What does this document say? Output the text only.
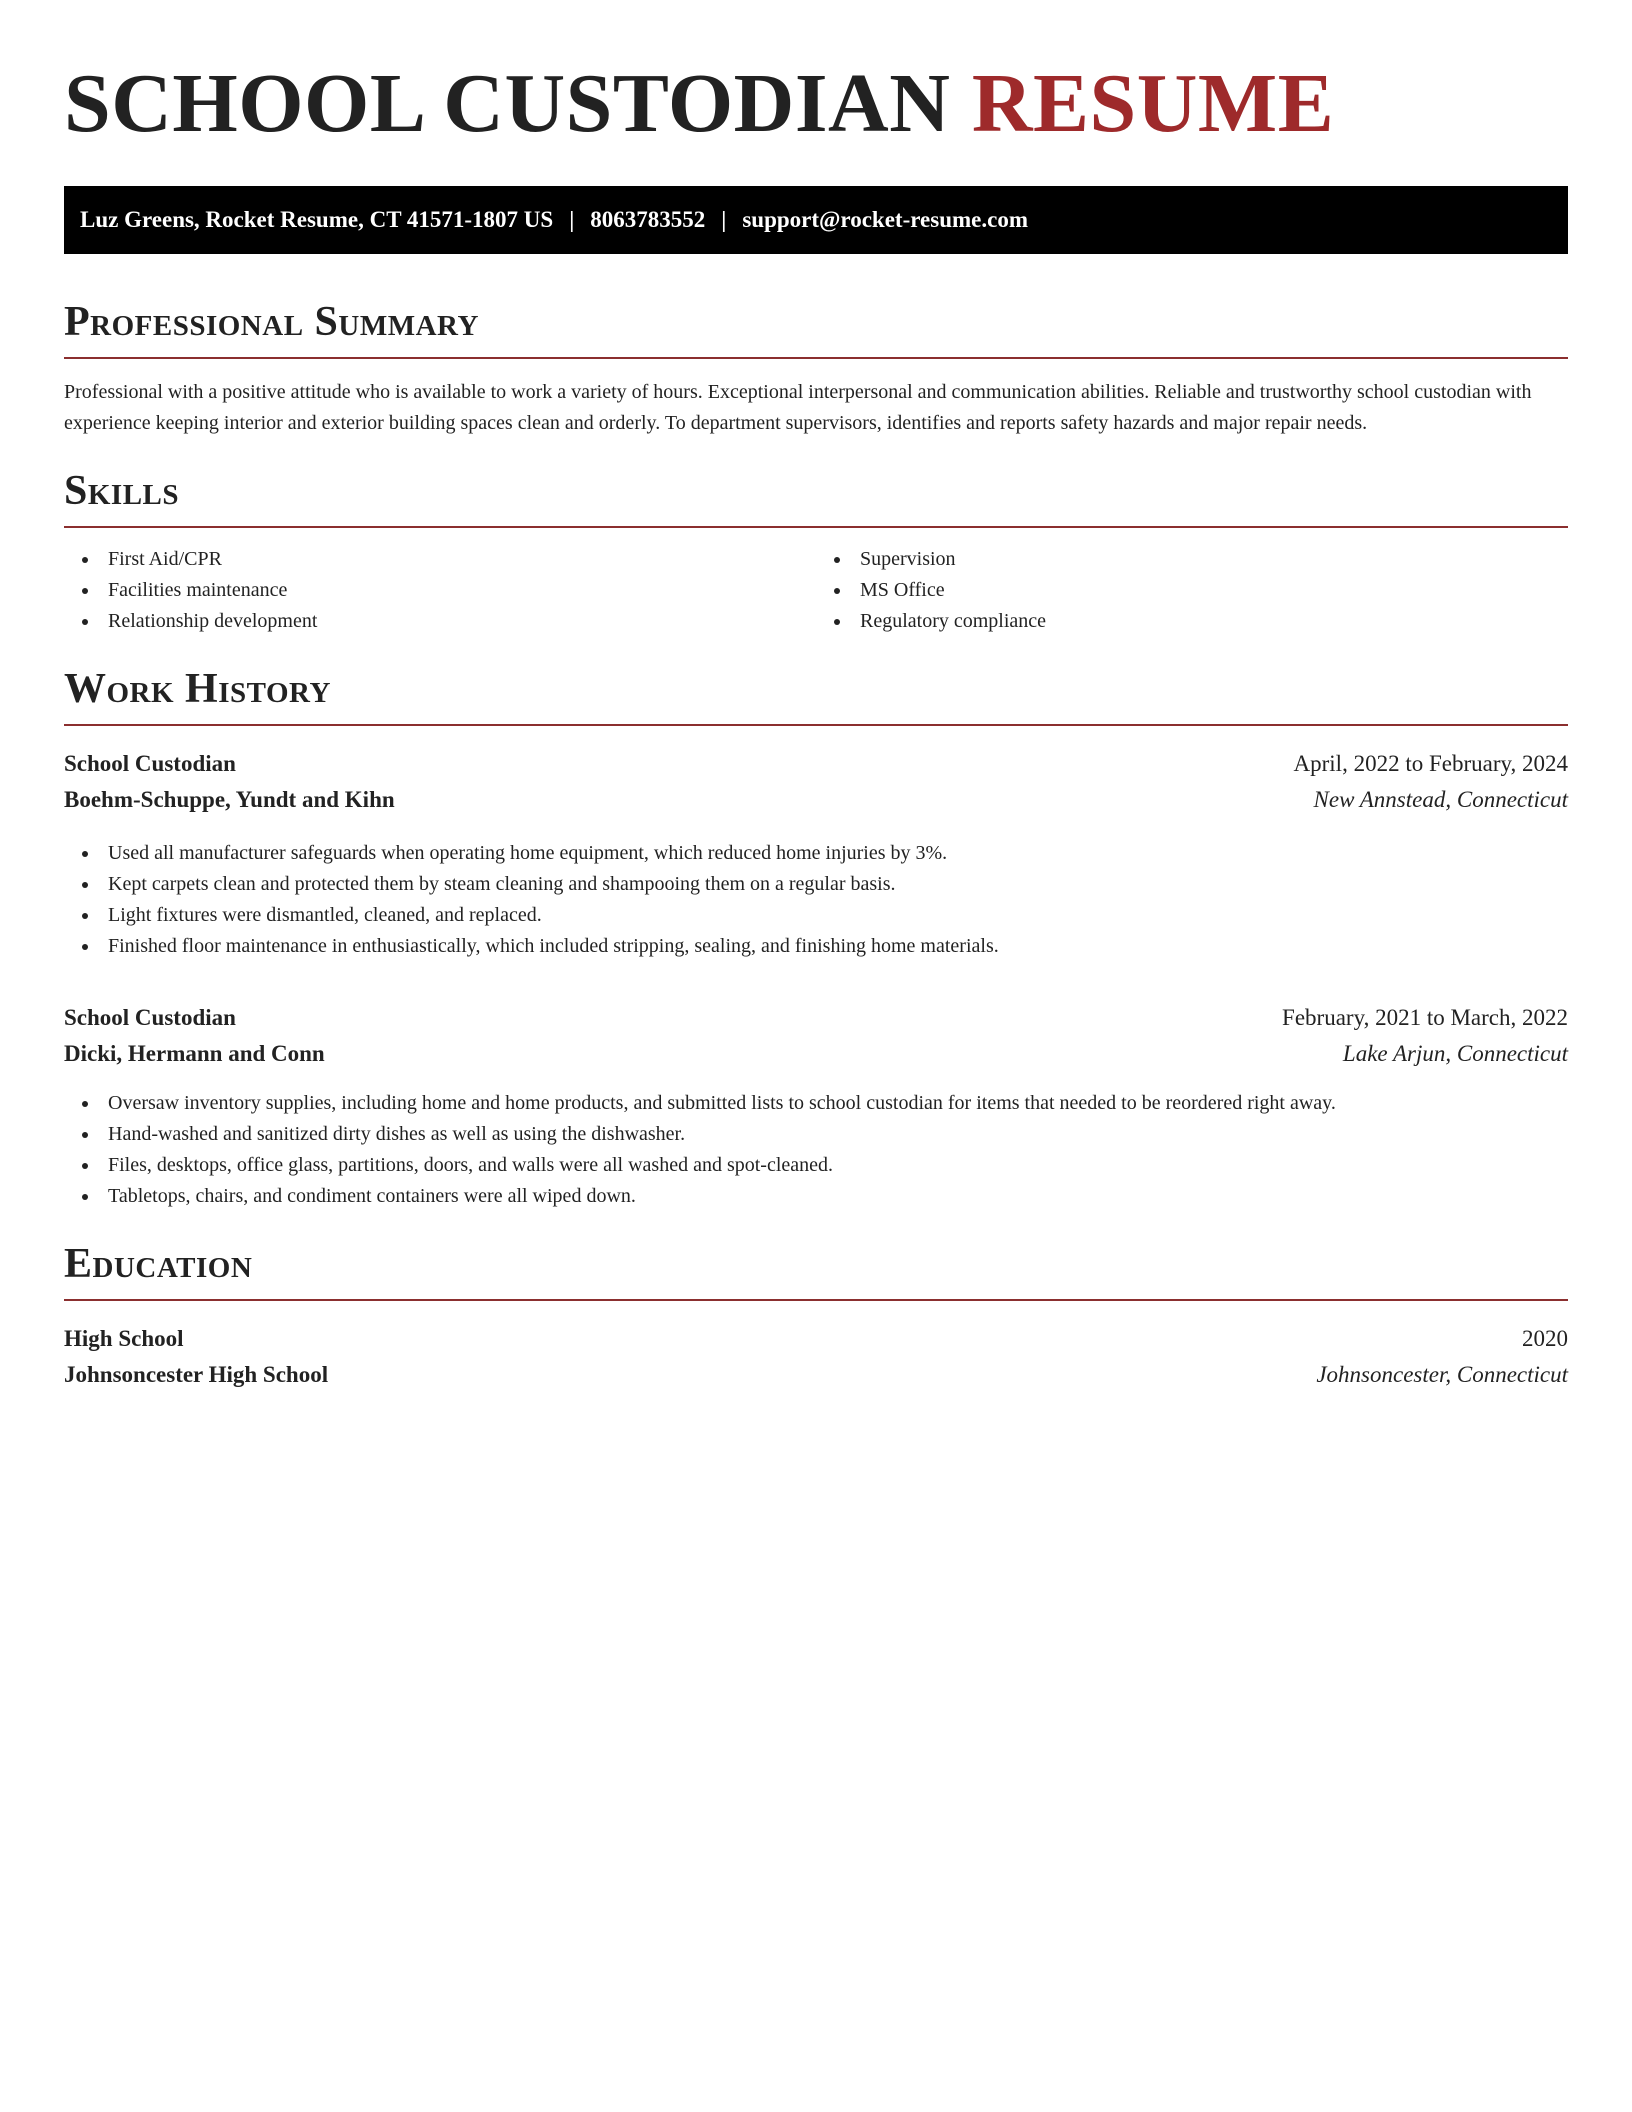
SCHOOL CUSTODIAN RESUME
Luz Greens, Rocket Resume, CT 41571-1807 US | 8063783552 | support@rocket-resume.com
Professional Summary

Professional with a positive attitude who is available to work a variety of hours. Exceptional interpersonal and communication abilities. Reliable and trustworthy school custodian with experience keeping interior and exterior building spaces clean and orderly. To department supervisors, identifies and reports safety hazards and major repair needs.

Skills
First Aid/CPR
Facilities maintenance
Relationship development
Supervision
MS Office
Regulatory compliance
Work History
School Custodian	April, 2022 to February, 2024
Boehm-Schuppe, Yundt and Kihn	New Annstead, Connecticut
Used all manufacturer safeguards when operating home equipment, which reduced home injuries by 3%.
Kept carpets clean and protected them by steam cleaning and shampooing them on a regular basis.
Light fixtures were dismantled, cleaned, and replaced.
Finished floor maintenance in enthusiastically, which included stripping, sealing, and finishing home materials.
School Custodian	February, 2021 to March, 2022
Dicki, Hermann and Conn	Lake Arjun, Connecticut
Oversaw inventory supplies, including home and home products, and submitted lists to school custodian for items that needed to be reordered right away.
Hand-washed and sanitized dirty dishes as well as using the dishwasher.
Files, desktops, office glass, partitions, doors, and walls were all washed and spot-cleaned.
Tabletops, chairs, and condiment containers were all wiped down.
Education
High School	2020
Johnsoncester High School	Johnsoncester, Connecticut
